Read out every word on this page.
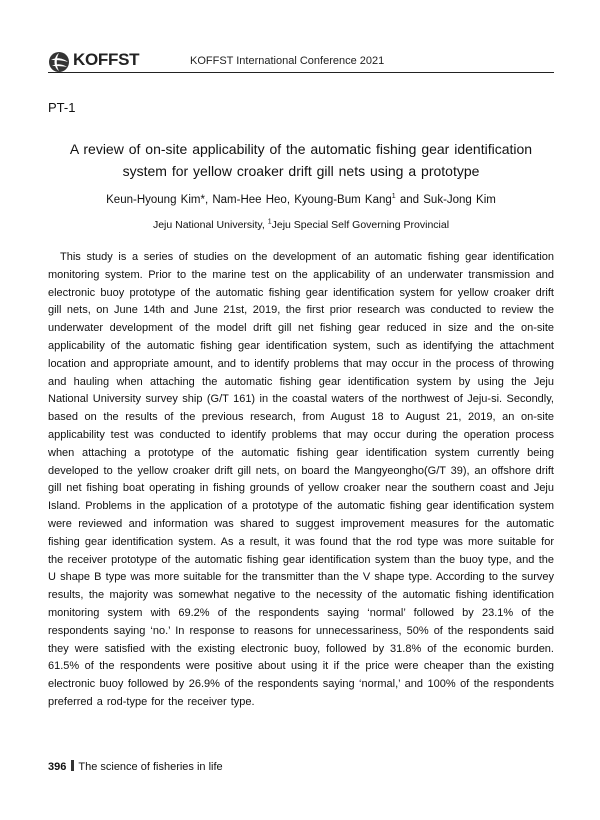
KOFFST	KOFFST International Conference 2021
PT-1
A review of on-site applicability of the automatic fishing gear identification
system for yellow croaker drift gill nets using a prototype
Keun-Hyoung Kim*, Nam-Hee Heo, Kyoung-Bum Kang$^1$ and Suk-Jong Kim
Jeju National University, $^1$Jeju Special Self Governing Provincial

This study is a series of studies on the development of an automatic fishing gear identification monitoring system. Prior to the marine test on the applicability of an underwater transmission and electronic buoy prototype of the automatic fishing gear identification system for yellow croaker drift gill nets, on June 14th and June 21st, 2019, the first prior research was conducted to review the underwater development of the model drift gill net fishing gear reduced in size and the on-site applicability of the automatic fishing gear identification system, such as identifying the attachment location and appropriate amount, and to identify problems that may occur in the process of throwing and hauling when attaching the automatic fishing gear identification system by using the Jeju National University survey ship (G/T 161) in the coastal waters of the northwest of Jeju-si. Secondly, based on the results of the previous research, from August 18 to August 21, 2019, an on-site applicability test was conducted to identify problems that may occur during the operation process when attaching a prototype of the automatic fishing gear identification system currently being developed to the yellow croaker drift gill nets, on board the Mangyeongho(G/T 39), an offshore drift gill net fishing boat operating in fishing grounds of yellow croaker near the southern coast and Jeju Island. Problems in the application of a prototype of the automatic fishing gear identification system were reviewed and information was shared to suggest improvement measures for the automatic fishing gear identification system. As a result, it was found that the rod type was more suitable for the receiver prototype of the automatic fishing gear identification system than the buoy type, and the U shape B type was more suitable for the transmitter than the V shape type. According to the survey results, the majority was somewhat negative to the necessity of the automatic fishing identification monitoring system with 69.2% of the respondents saying ‘normal’ followed by 23.1% of the respondents saying ‘no.’ In response to reasons for unnecessariness, 50% of the respondents said they were satisfied with the existing electronic buoy, followed by 31.8% of the economic burden. 61.5% of the respondents were positive about using it if the price were cheaper than the existing electronic buoy followed by 26.9% of the respondents saying ‘normal,’ and 100% of the respondents preferred a rod-type for the receiver type.

396 The science of fisheries in life
